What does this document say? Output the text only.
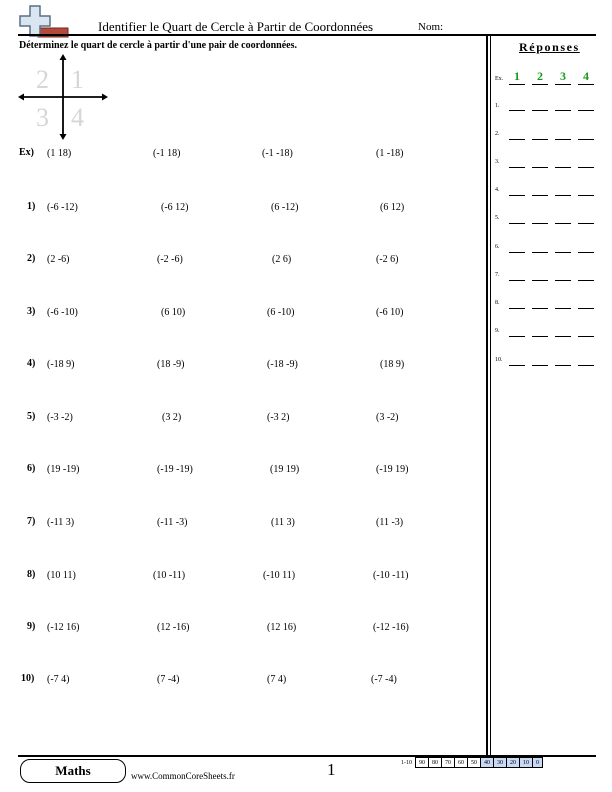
Identifier le Quart de Cercle à Partir de Coordonnées	Nom:
Déterminez le quart de cercle à partir d'une pair de coordonnées.
2 1
3 4
Ex) (1 18)	(-1 18)	(-1 -18)	(1 -18)
1) (-6 -12)	(-6 12)	(6 -12)	(6 12)
2) (2 -6)	(-2 -6)	(2 6)	(-2 6)
3) (-6 -10)	(6 10)	(6 -10)	(-6 10)
4) (-18 9)	(18 -9)	(-18 -9)	(18 9)
5) (-3 -2)	(3 2)	(-3 2)	(3 -2)
6) (19 -19)	(-19 -19)	(19 19)	(-19 19)
7) (-11 3)	(-11 -3)	(11 3)	(11 -3)
8) (10 11)	(10 -11)	(-10 11)	(-10 -11)
9) (-12 16)	(12 -16)	(12 16)	(-12 -16)
10) (-7 4)	(7 -4)	(7 4)	(-7 -4)
Réponses
Ex. 1	2	3	4
1.
2.
3.
4.
5.
6.
7.
8.
9.
10.
Maths	www.CommonCoreSheets.fr	1	1-10	90	80	70	60	50	40	30	20	10	0
